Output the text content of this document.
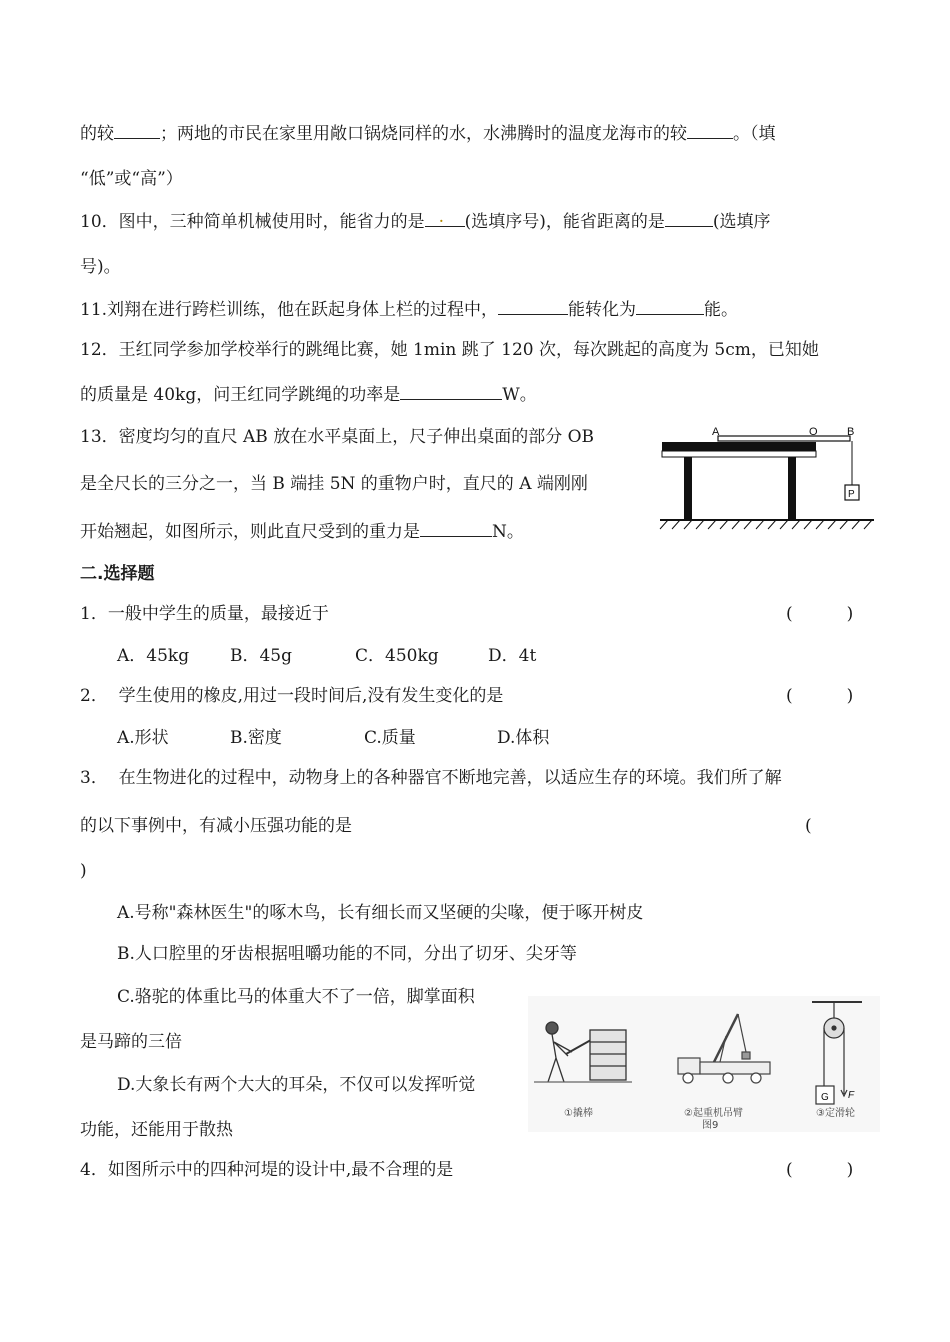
的较	；两地的市民在家里用敞口锅烧同样的水，水沸腾时的温度龙海市的较	。（填
“低”或“高”）
10．图中，三种简单机械使用时，能省力的是 . (选填序号)，能省距离的是	(选填序
号)。
11.刘翔在进行跨栏训练，他在跃起身体上栏的过程中，	能转化为	能。
12．王红同学参加学校举行的跳绳比赛，她 1min 跳了 120 次，每次跳起的高度为 5cm，已知她
的质量是 40kg，问王红同学跳绳的功率是	W。
13．密度均匀的直尺 AB 放在水平桌面上，尺子伸出桌面的部分 OB
是全尺长的三分之一，当 B 端挂 5N 的重物户时，直尺的 A 端刚刚
开始翘起，如图所示，则此直尺受到的重力是	N。
A	O	B
P
二.选择题
1．一般中学生的质量，最接近于	(          )
A．45kg B．45g	C．450kg	D．4t
2．  学生使用的橡皮,用过一段时间后,没有发生变化的是	(          )
A.形状	B.密度	C.质量	D.体积
3．  在生物进化的过程中，动物身上的各种器官不断地完善，以适应生存的环境。我们所了解
的以下事例中，有减小压强功能的是	(
)
A.号称"森林医生"的啄木鸟，长有细长而又坚硬的尖喙，便于啄开树皮
B.人口腔里的牙齿根据咀嚼功能的不同，分出了切牙、尖牙等
C.骆驼的体重比马的体重大不了一倍，脚掌面积
是马蹄的三倍
D.大象长有两个大大的耳朵，不仅可以发挥听觉
功能，还能用于散热
G F
①撬棒	②起重机吊臂
图9
③定滑轮
4．如图所示中的四种河堤的设计中,最不合理的是	(          )
